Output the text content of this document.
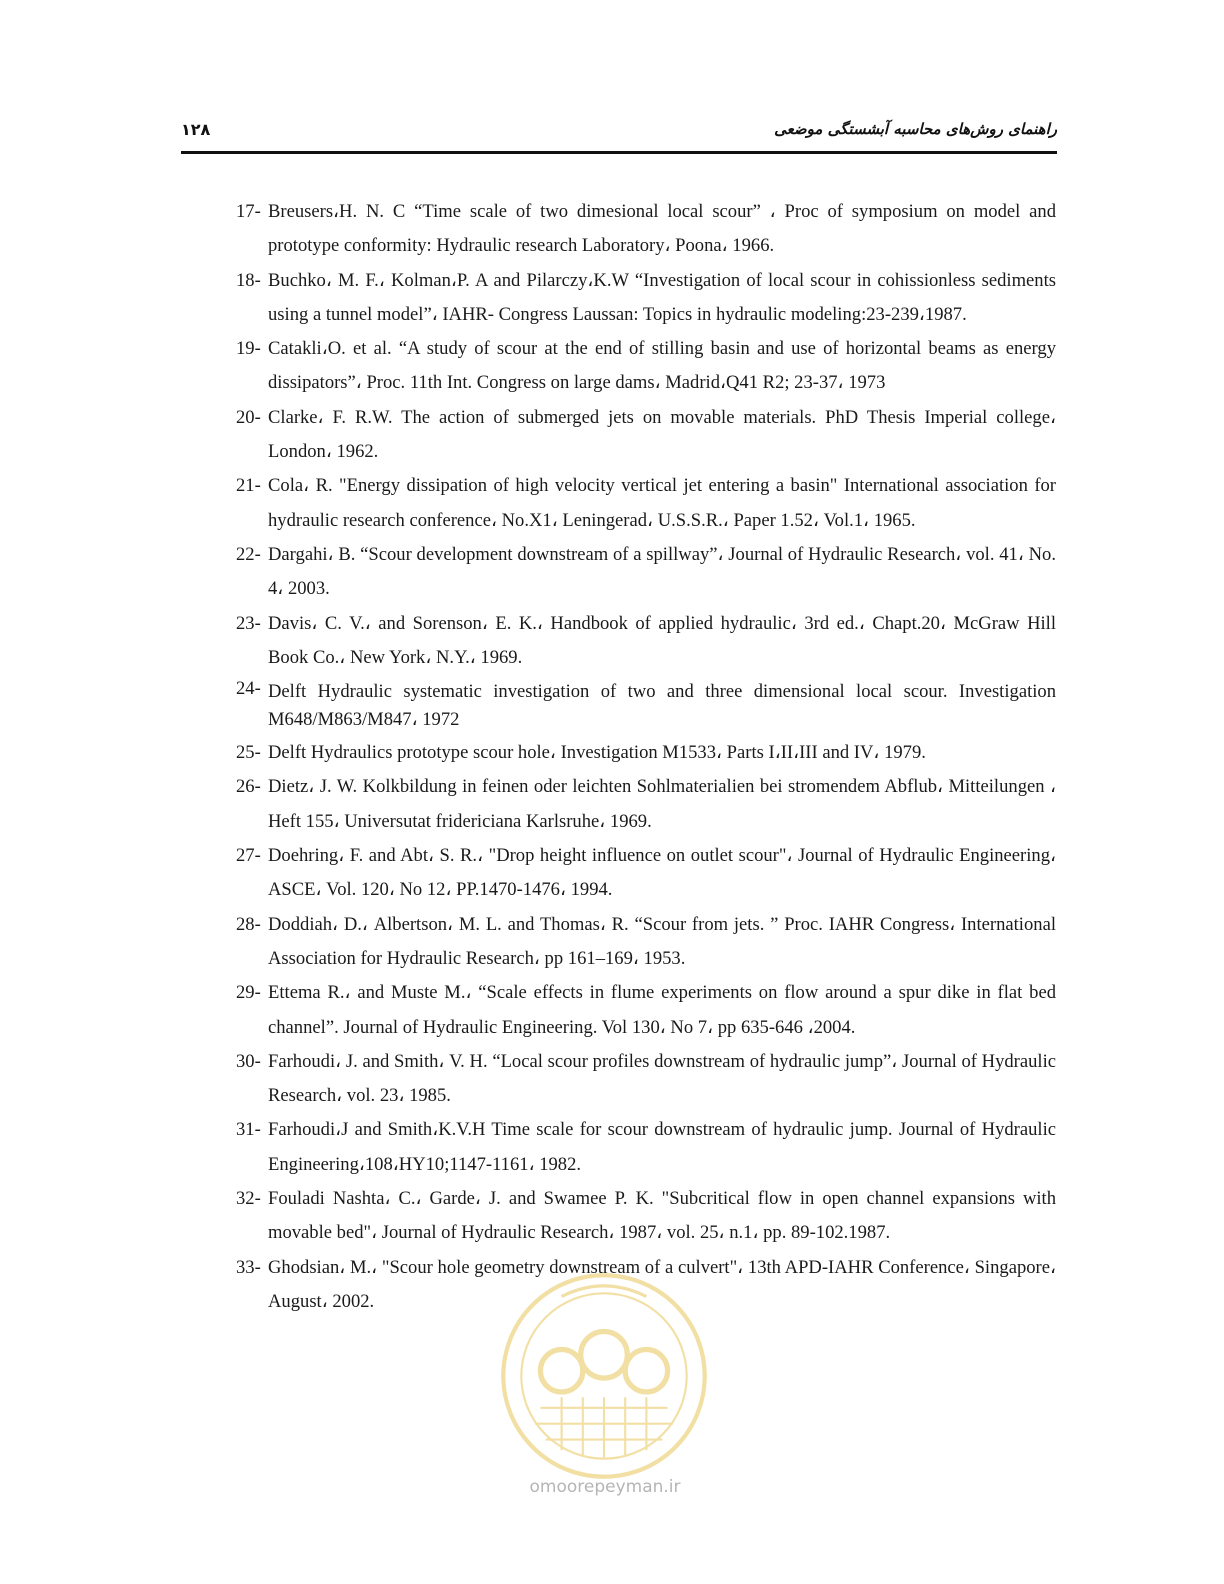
۱۲۸	راهنمای روش‌های محاسبه آبشستگی موضعی
17- Breusers،H. N. C “Time scale of two dimesional local scour” ، Proc of symposium on model and prototype conformity: Hydraulic research Laboratory، Poona، 1966.
18- Buchko، M. F.، Kolman،P. A and Pilarczy،K.W “Investigation of local scour in cohissionless sediments using a tunnel model”، IAHR- Congress Laussan: Topics in hydraulic modeling:23-239،1987.
19- Catakli،O. et al. “A study of scour at the end of stilling basin and use of horizontal beams as energy dissipators”، Proc. 11th Int. Congress on large dams، Madrid،Q41 R2; 23-37، 1973
20- Clarke، F. R.W. The action of submerged jets on movable materials. PhD Thesis Imperial college، London، 1962.
21- Cola، R. "Energy dissipation of high velocity vertical jet entering a basin" International association for hydraulic research conference، No.X1، Leningerad، U.S.S.R.، Paper 1.52، Vol.1، 1965.
22- Dargahi، B. “Scour development downstream of a spillway”، Journal of Hydraulic Research، vol. 41، No. 4، 2003.
23- Davis، C. V.، and Sorenson، E. K.، Handbook of applied hydraulic، 3rd ed.، Chapt.20، McGraw Hill Book Co.، New York، N.Y.، 1969.
24- Delft Hydraulic systematic investigation of two and three dimensional local scour. Investigation M648/M863/M847، 1972
25- Delft Hydraulics prototype scour hole، Investigation M1533، Parts I،II،III and IV، 1979.
26- Dietz، J. W. Kolkbildung in feinen oder leichten Sohlmaterialien bei stromendem Abflub، Mitteilungen ، Heft 155، Universutat fridericiana Karlsruhe، 1969.
27- Doehring، F. and Abt، S. R.، "Drop height influence on outlet scour"، Journal of Hydraulic Engineering، ASCE، Vol. 120، No 12، PP.1470-1476، 1994.
28- Doddiah، D.، Albertson، M. L. and Thomas، R. “Scour from jets. ” Proc. IAHR Congress، International Association for Hydraulic Research، pp 161–169، 1953.
29- Ettema R.، and Muste M.، “Scale effects in flume experiments on flow around a spur dike in flat bed channel”. Journal of Hydraulic Engineering. Vol 130، No 7، pp 635-646 ،2004.
30- Farhoudi، J. and Smith، V. H. “Local scour profiles downstream of hydraulic jump”، Journal of Hydraulic Research، vol. 23، 1985.
31- Farhoudi،J and Smith،K.V.H Time scale for scour downstream of hydraulic jump. Journal of Hydraulic Engineering،108،HY10;1147-1161، 1982.
32- Fouladi Nashta، C.، Garde، J. and Swamee P. K. "Subcritical flow in open channel expansions with movable bed"، Journal of Hydraulic Research، 1987، vol. 25، n.1، pp. 89-102.1987.
33- Ghodsian، M.، "Scour hole geometry downstream of a culvert"، 13th APD-IAHR Conference، Singapore، August، 2002.
omoorepeyman.ir
